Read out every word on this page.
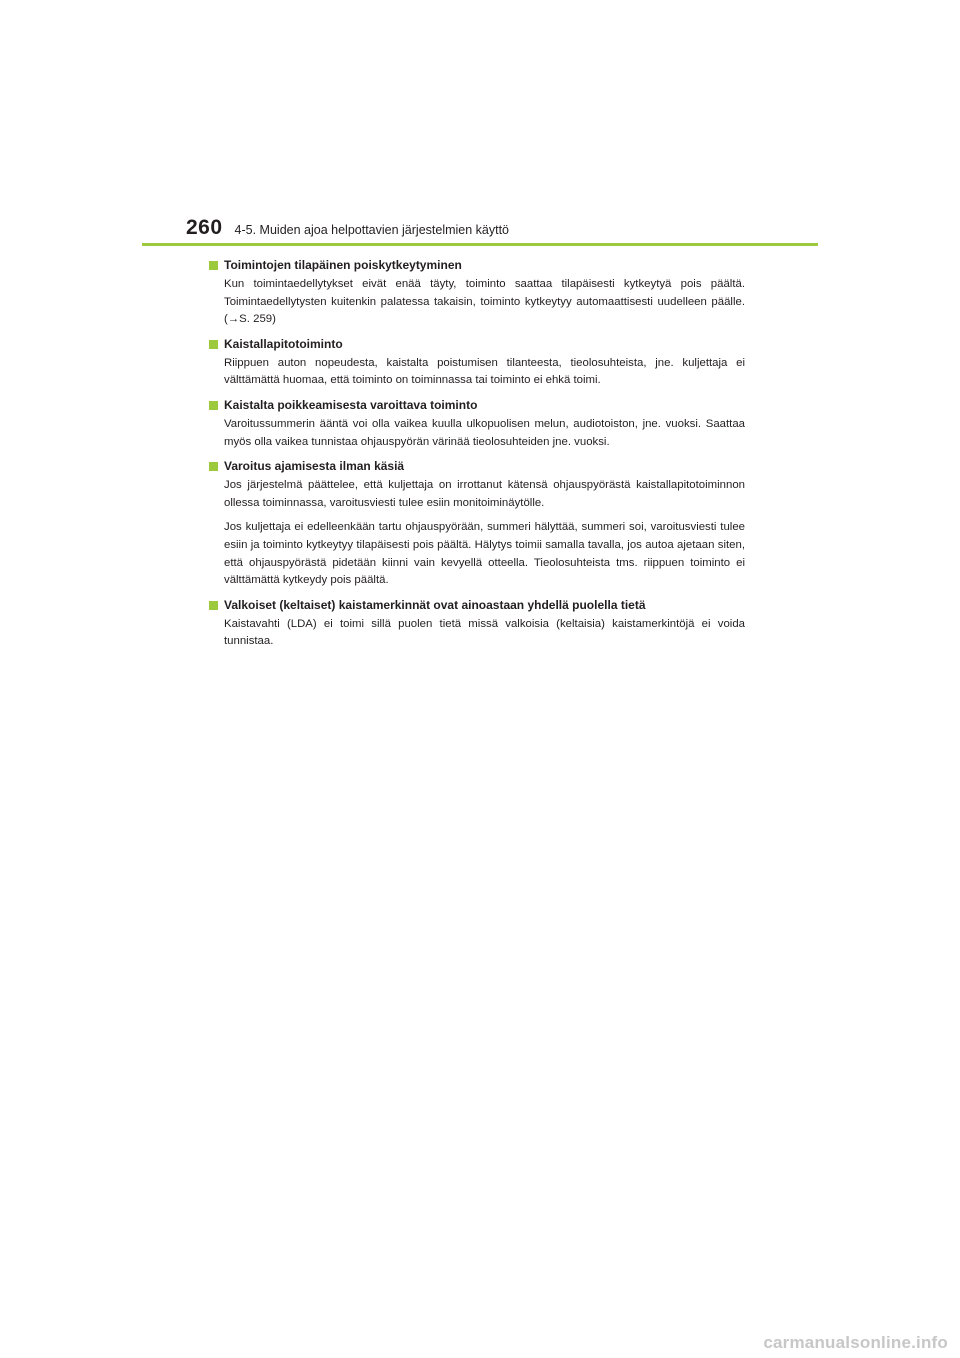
260 4-5. Muiden ajoa helpottavien järjestelmien käyttö
Toimintojen tilapäinen poiskytkeytyminen

Kun toimintaedellytykset eivät enää täyty, toiminto saattaa tilapäisesti kytkeytyä pois päältä. Toimintaedellytysten kuitenkin palatessa takaisin, toiminto kytkeytyy automaattisesti uudelleen päälle. (→S. 259)

Kaistallapitotoiminto

Riippuen auton nopeudesta, kaistalta poistumisen tilanteesta, tieolosuhteista, jne. kuljettaja ei välttämättä huomaa, että toiminto on toiminnassa tai toiminto ei ehkä toimi.

Kaistalta poikkeamisesta varoittava toiminto

Varoitussummerin ääntä voi olla vaikea kuulla ulkopuolisen melun, audiotoiston, jne. vuoksi. Saattaa myös olla vaikea tunnistaa ohjauspyörän värinää tieolosuhteiden jne. vuoksi.

Varoitus ajamisesta ilman käsiä

Jos järjestelmä päättelee, että kuljettaja on irrottanut kätensä ohjauspyörästä kaistallapitotoiminnon ollessa toiminnassa, varoitusviesti tulee esiin monitoiminäytölle.

Jos kuljettaja ei edelleenkään tartu ohjauspyörään, summeri hälyttää, summeri soi, varoitusviesti tulee esiin ja toiminto kytkeytyy tilapäisesti pois päältä. Hälytys toimii samalla tavalla, jos autoa ajetaan siten, että ohjauspyörästä pidetään kiinni vain kevyellä otteella. Tieolosuhteista tms. riippuen toiminto ei välttämättä kytkeydy pois päältä.

Valkoiset (keltaiset) kaistamerkinnät ovat ainoastaan yhdellä puolella tietä

Kaistavahti (LDA) ei toimi sillä puolen tietä missä valkoisia (keltaisia) kaistamerkintöjä ei voida tunnistaa.

carmanualsonline.info
